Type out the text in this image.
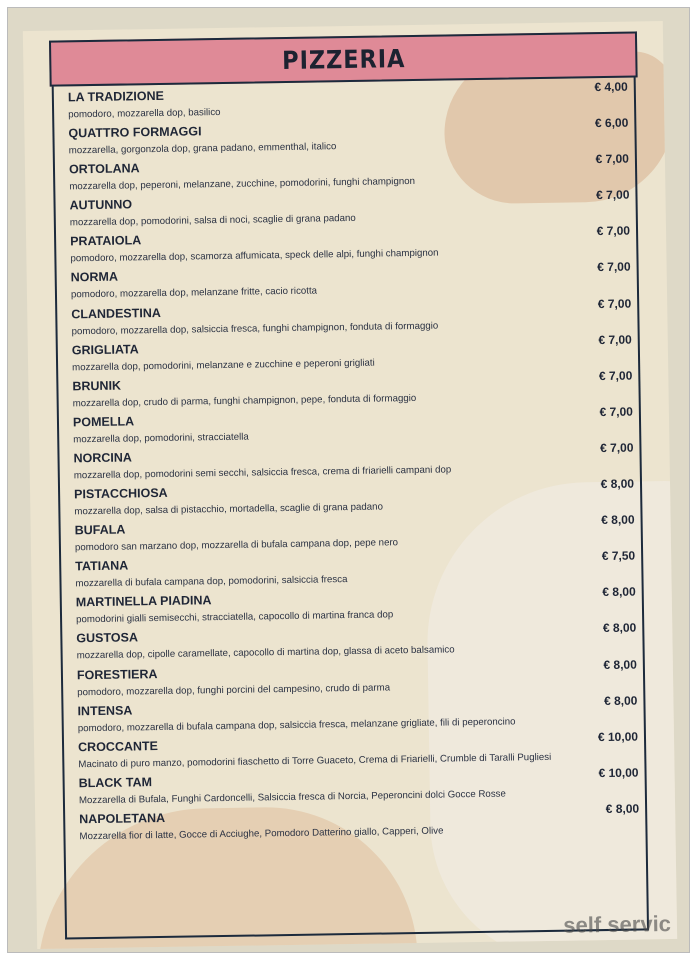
PIZZERIA
LA TRADIZIONE
pomodoro, mozzarella dop, basilico
€ 4,00
QUATTRO FORMAGGI
mozzarella, gorgonzola dop, grana padano, emmenthal, italico
€ 6,00
ORTOLANA
mozzarella dop, peperoni, melanzane, zucchine, pomodorini, funghi champignon
€ 7,00
AUTUNNO
mozzarella dop, pomodorini, salsa di noci, scaglie di grana padano
€ 7,00
PRATAIOLA
pomodoro, mozzarella dop, scamorza affumicata, speck delle alpi, funghi champignon
€ 7,00
NORMA
pomodoro, mozzarella dop, melanzane fritte, cacio ricotta
€ 7,00
CLANDESTINA
pomodoro, mozzarella dop, salsiccia fresca, funghi champignon, fonduta di formaggio
€ 7,00
GRIGLIATA
mozzarella dop, pomodorini, melanzane e zucchine e peperoni grigliati
€ 7,00
BRUNIK
mozzarella dop, crudo di parma, funghi champignon, pepe, fonduta di formaggio
€ 7,00
POMELLA
mozzarella dop, pomodorini, stracciatella
€ 7,00
NORCINA
mozzarella dop, pomodorini semi secchi, salsiccia fresca, crema di friarielli campani dop
€ 7,00
PISTACCHIOSA
mozzarella dop, salsa di pistacchio, mortadella, scaglie di grana padano
€ 8,00
BUFALA
pomodoro san marzano dop, mozzarella di bufala campana dop, pepe nero
€ 8,00
TATIANA
mozzarella di bufala campana dop, pomodorini, salsiccia fresca
€ 7,50
MARTINELLA PIADINA
pomodorini gialli semisecchi, stracciatella, capocollo di martina franca dop
€ 8,00
GUSTOSA
mozzarella dop, cipolle caramellate, capocollo di martina dop, glassa di aceto balsamico
€ 8,00
FORESTIERA
pomodoro, mozzarella dop, funghi porcini del campesino, crudo di parma
€ 8,00
INTENSA
pomodoro, mozzarella di bufala campana dop, salsiccia fresca, melanzane grigliate, fili di peperoncino
€ 8,00
CROCCANTE
Macinato di puro manzo, pomodorini fiaschetto di Torre Guaceto, Crema di Friarielli, Crumble di Taralli Pugliesi
€ 10,00
BLACK TAM
Mozzarella di Bufala, Funghi Cardoncelli, Salsiccia fresca di Norcia, Peperoncini dolci Gocce Rosse
€ 10,00
NAPOLETANA
Mozzarella fior di latte, Gocce di Acciughe, Pomodoro Datterino giallo, Capperi, Olive
€ 8,00
self servic
